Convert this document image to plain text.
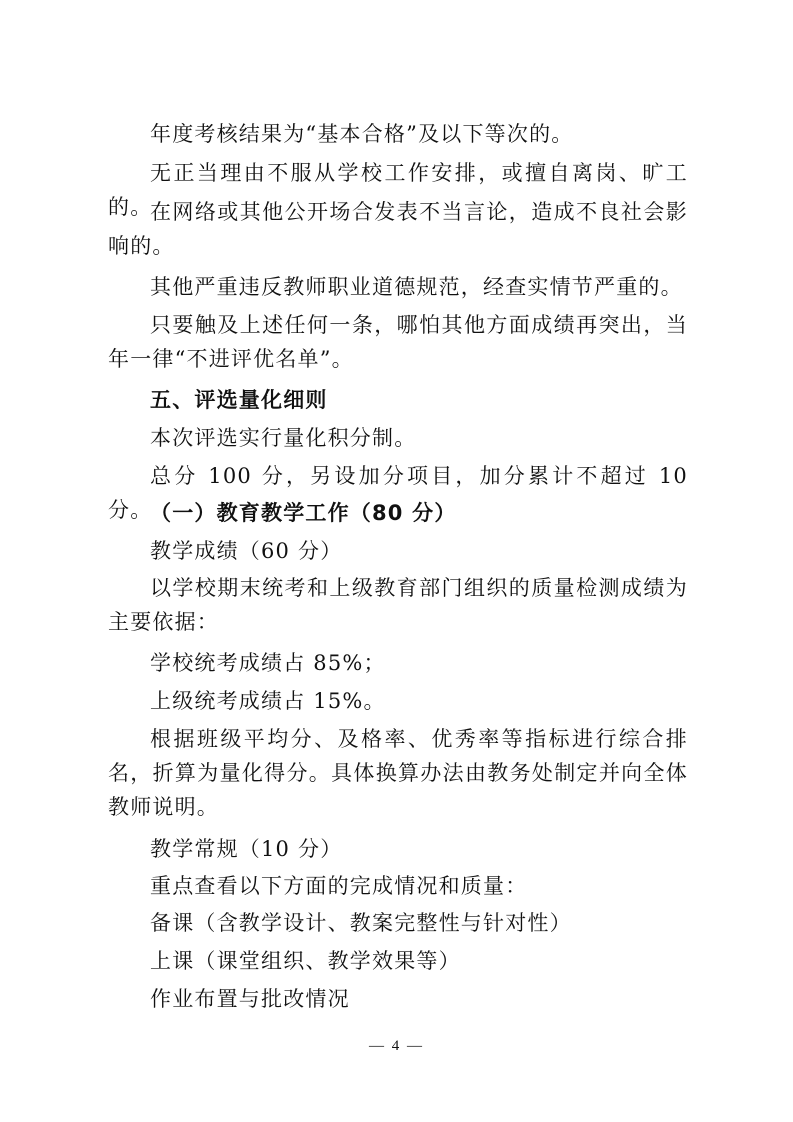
年度考核结果为“基本合格”及以下等次的。

无正当理由不服从学校工作安排，或擅自离岗、旷工的。

在网络或其他公开场合发表不当言论，造成不良社会影响的。

其他严重违反教师职业道德规范，经查实情节严重的。

只要触及上述任何一条，哪怕其他方面成绩再突出，当年一律“不进评优名单”。

五、评选量化细则

本次评选实行量化积分制。

总分 100 分，另设加分项目，加分累计不超过 10 分。

（一）教育教学工作（80 分）

教学成绩（60 分）

以学校期末统考和上级教育部门组织的质量检测成绩为主要依据：

学校统考成绩占 85%；

上级统考成绩占 15%。

根据班级平均分、及格率、优秀率等指标进行综合排名，折算为量化得分。具体换算办法由教务处制定并向全体教师说明。

教学常规（10 分）

重点查看以下方面的完成情况和质量：

备课（含教学设计、教案完整性与针对性）

上课（课堂组织、教学效果等）

作业布置与批改情况

— 4 —
